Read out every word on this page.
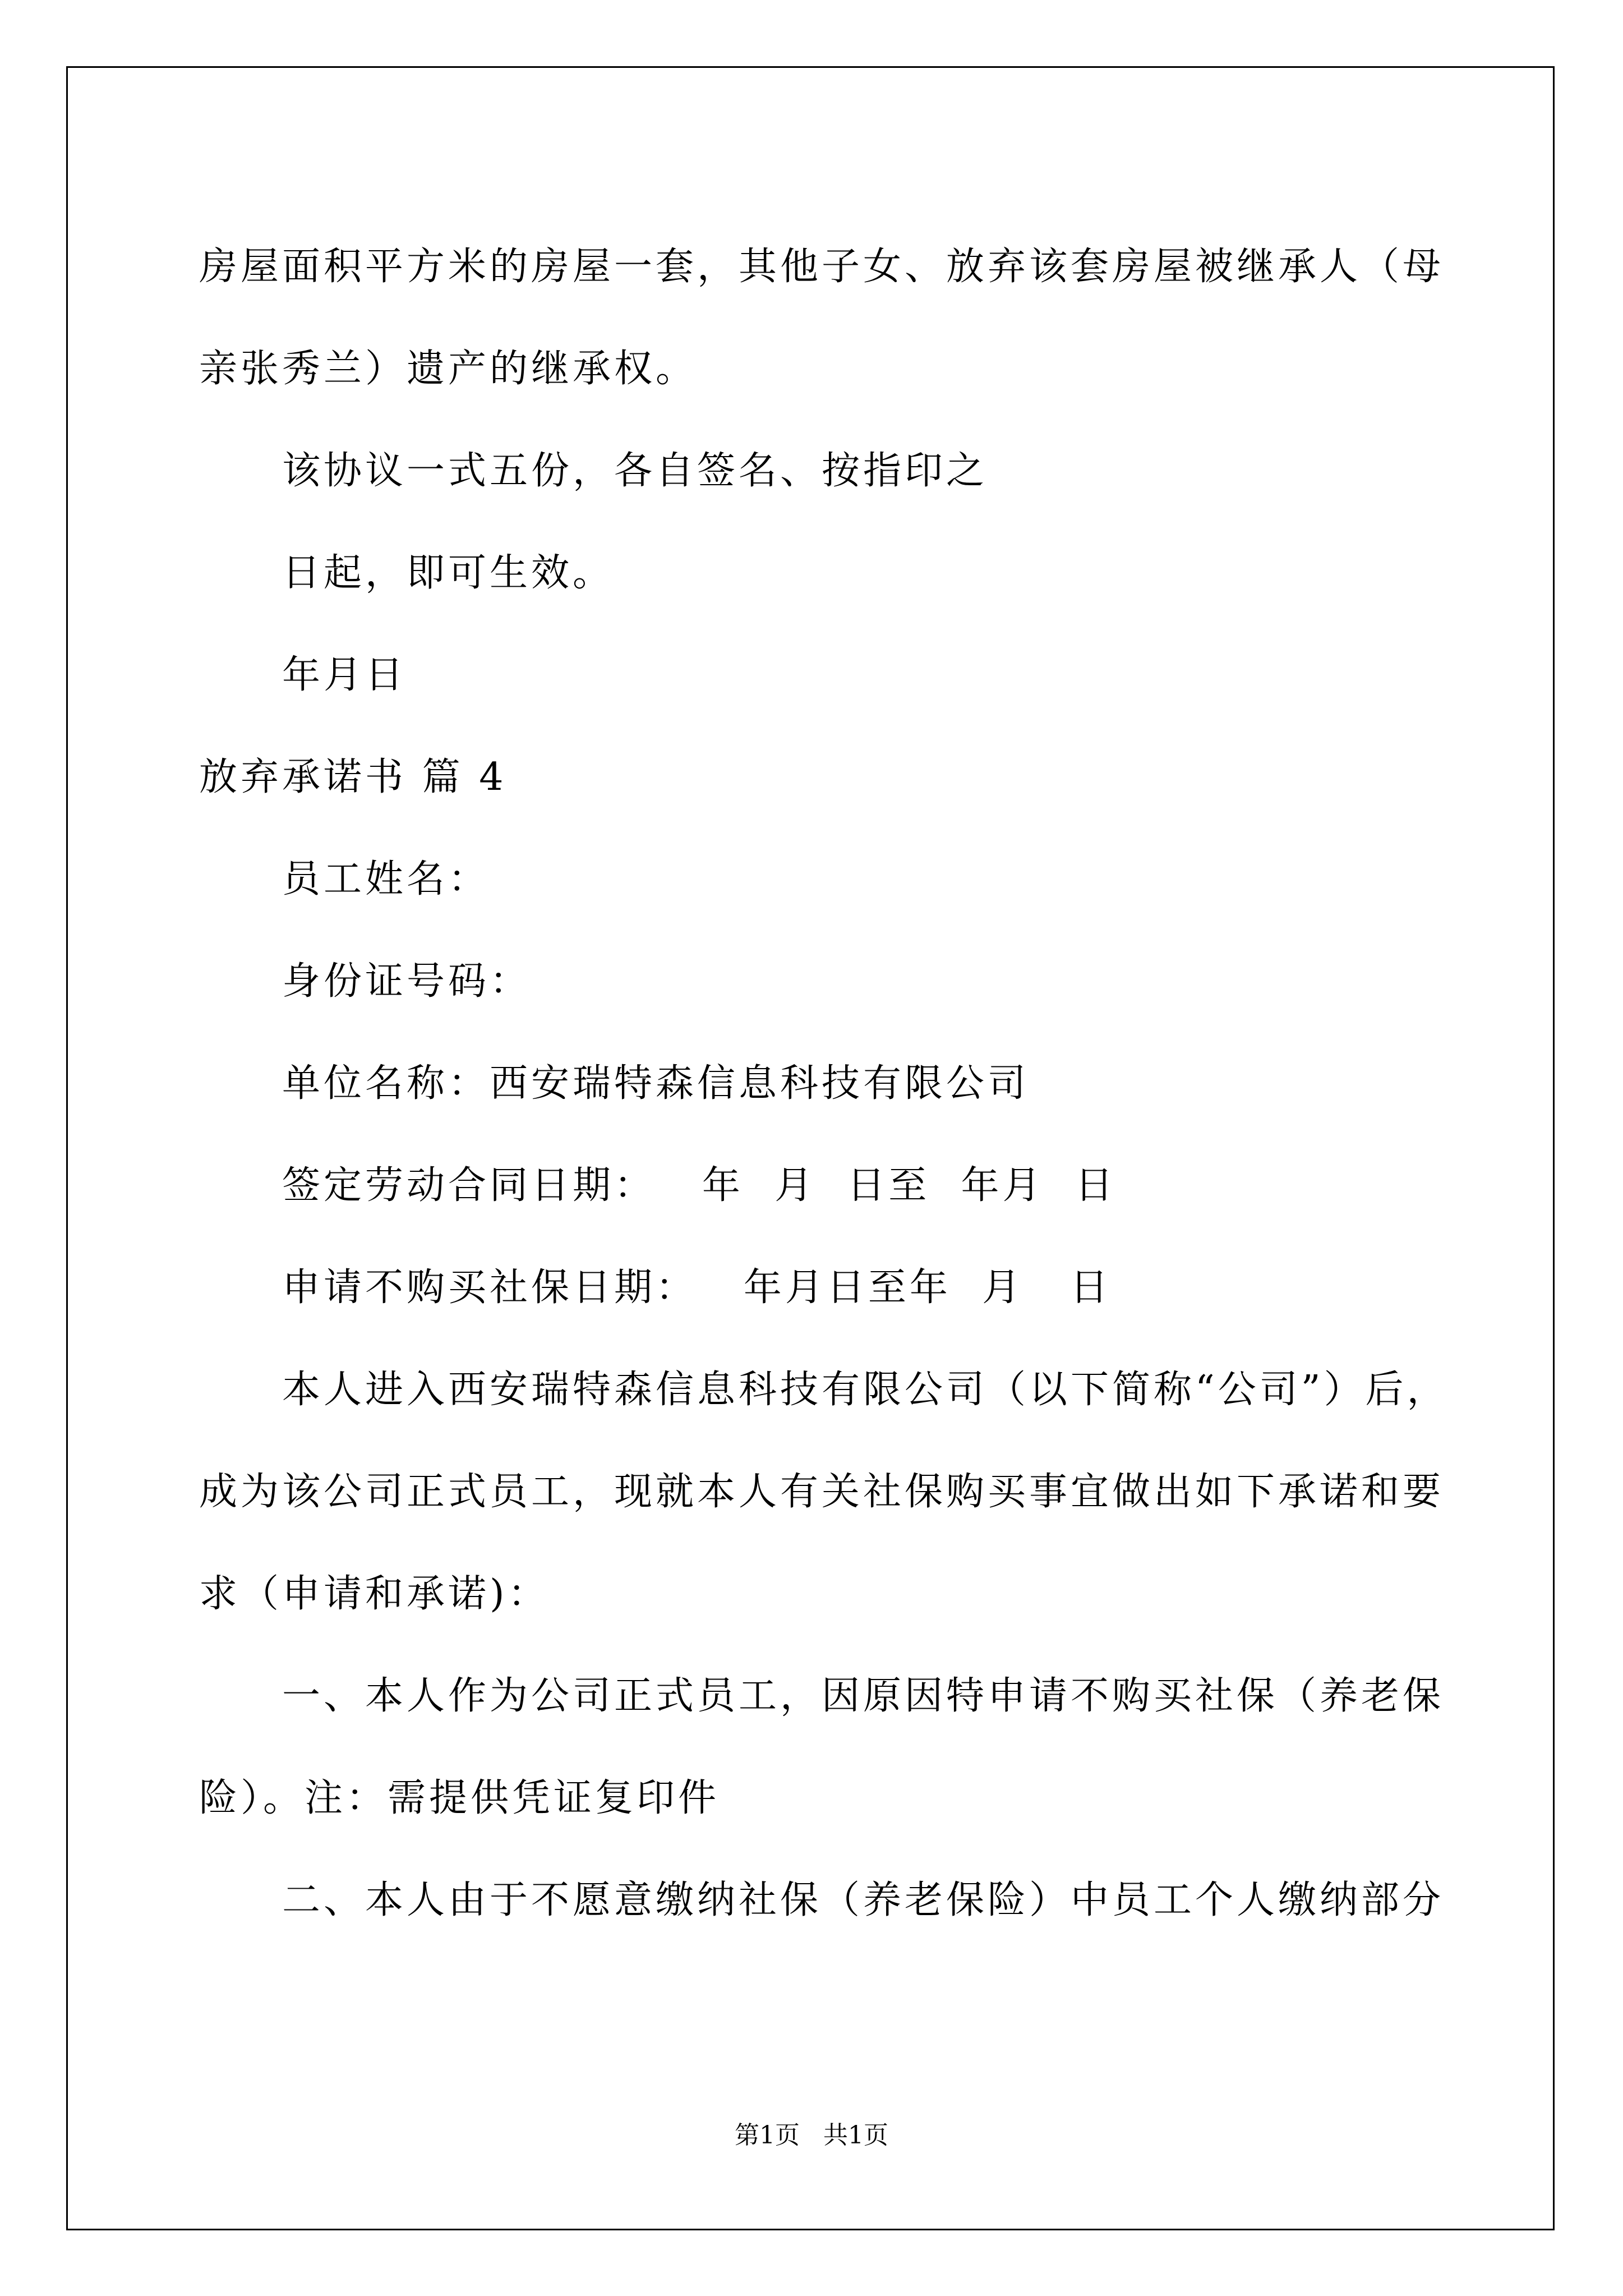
房屋面积平方米的房屋一套，其他子女、放弃该套房屋被继承人（母
亲张秀兰）遗产的继承权。
该协议一式五份，各自签名、按指印之
日起，即可生效。
年月日
放弃承诺书 篇 4
员工姓名：
身份证号码：
单位名称：西安瑞特森信息科技有限公司
签定劳动合同日期：   年  月  日至  年月  日
申请不购买社保日期：   年月日至年  月   日
本人进入西安瑞特森信息科技有限公司（以下简称“公司”）后，
成为该公司正式员工，现就本人有关社保购买事宜做出如下承诺和要
求（申请和承诺)：
一、本人作为公司正式员工，因原因特申请不购买社保（养老保
险）。注：需提供凭证复印件
二、本人由于不愿意缴纳社保（养老保险）中员工个人缴纳部分
第1页   共1页
